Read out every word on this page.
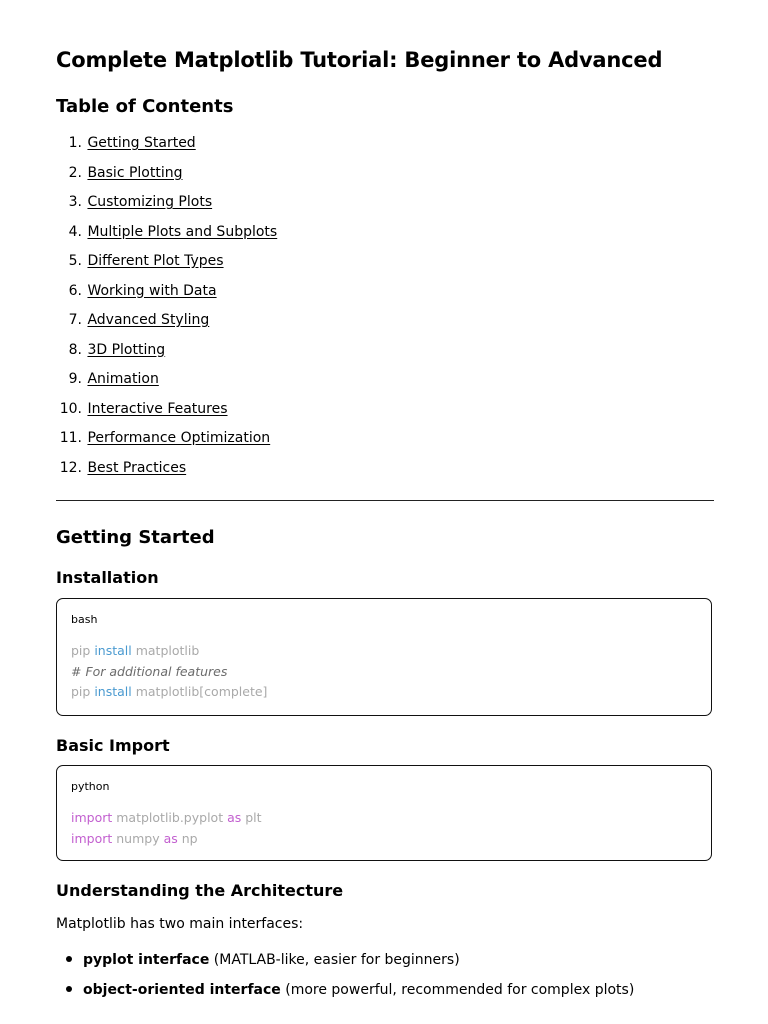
Complete Matplotlib Tutorial: Beginner to Advanced
Table of Contents
1. Getting Started
2. Basic Plotting
3. Customizing Plots
4. Multiple Plots and Subplots
5. Different Plot Types
6. Working with Data
7. Advanced Styling
8. 3D Plotting
9. Animation
10. Interactive Features
11. Performance Optimization
12. Best Practices
Getting Started
Installation
bash
pip install matplotlib
# For additional features
pip install matplotlib[complete]
Basic Import
python
import matplotlib.pyplot as plt
import numpy as np
Understanding the Architecture
Matplotlib has two main interfaces:
pyplot interface (MATLAB-like, easier for beginners)
object-oriented interface (more powerful, recommended for complex plots)
